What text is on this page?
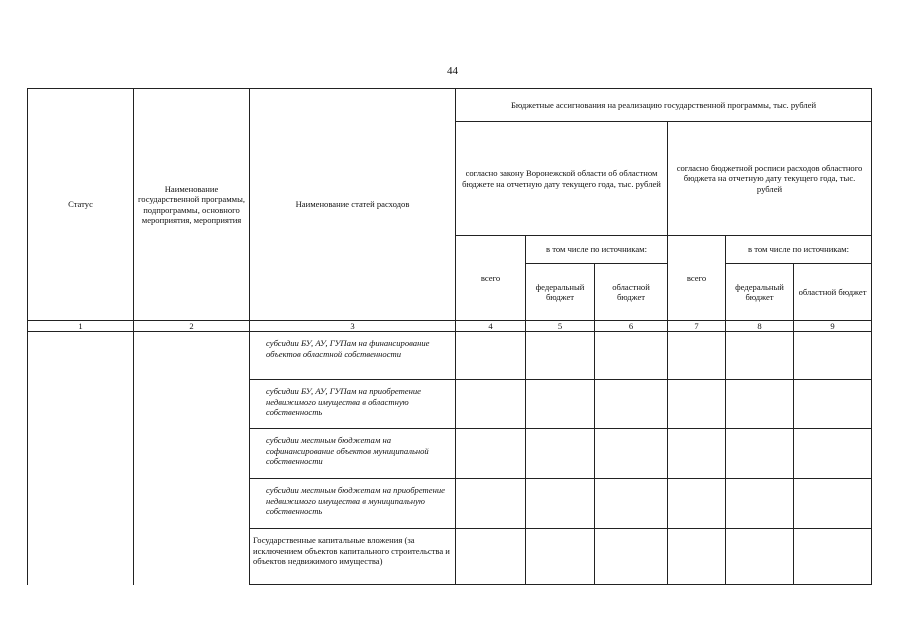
44
Статус	Наименование государственной программы, подпрограммы, основного мероприятия, мероприятия	Наименование статей расходов	Бюджетные ассигнования на реализацию государственной программы, тыс. рублей					
			согласно закону Воронежской области об областном бюджете на отчетную дату текущего года, тыс. рублей			согласно бюджетной росписи расходов областного бюджета на отчетную дату текущего года, тыс. рублей		
			всего	в том числе по источникам:		всего	в том числе по источникам:	
				федеральный бюджет	областной бюджет		федеральный бюджет	областной бюджет
1	2	3	4	5	6	7	8	9
		субсидии БУ, АУ, ГУПам на финансирование объектов областной собственности						
		субсидии БУ, АУ, ГУПам на приобретение недвижимого имущества в областную собственность						
		субсидии местным бюджетам на софинансирование объектов муниципальной собственности						
		субсидии местным бюджетам на приобретение недвижимого имущества в муниципальную собственность						
		Государственные капитальные вложения (за исключением объектов капитального строительства и объектов недвижимого имущества)						
